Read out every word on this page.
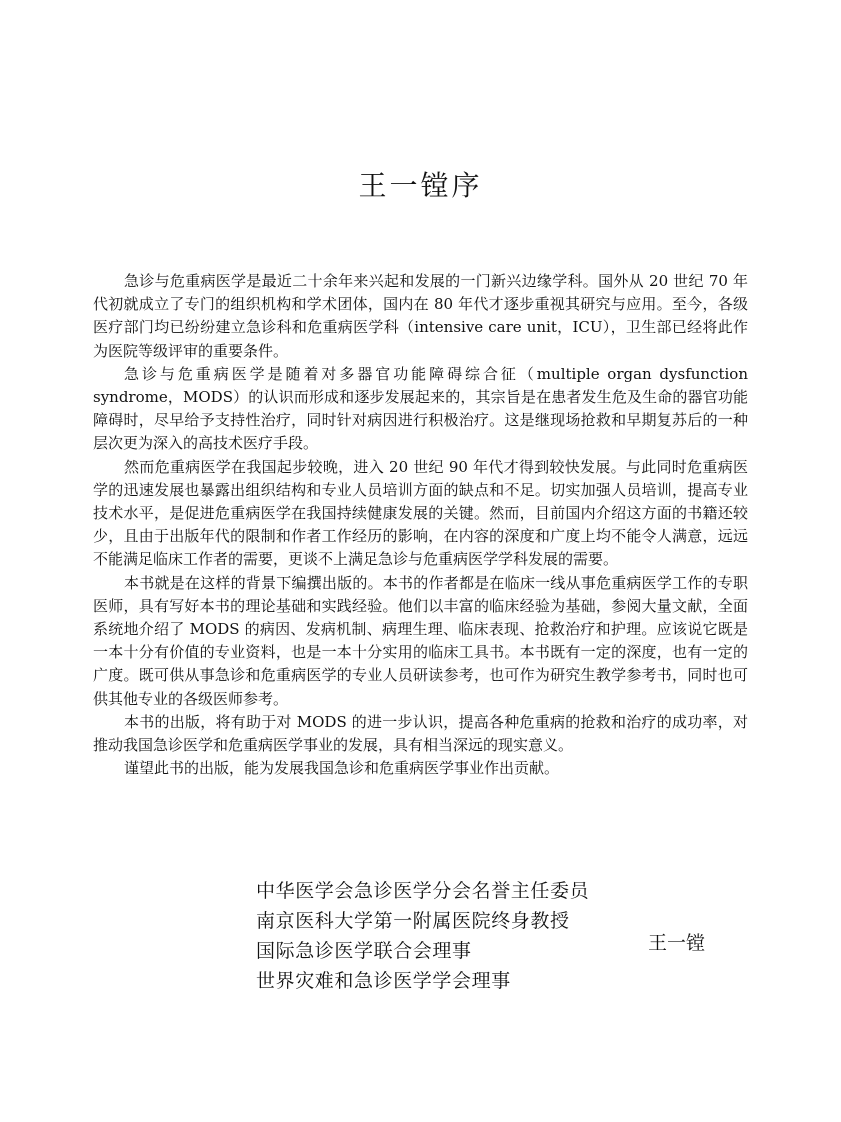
王一镗序

急诊与危重病医学是最近二十余年来兴起和发展的一门新兴边缘学科。国外从 20 世纪 70 年代初就成立了专门的组织机构和学术团体，国内在 80 年代才逐步重视其研究与应用。至今，各级医疗部门均已纷纷建立急诊科和危重病医学科（intensive care unit，ICU），卫生部已经将此作为医院等级评审的重要条件。

急诊与危重病医学是随着对多器官功能障碍综合征（multiple organ dysfunction syndrome，MODS）的认识而形成和逐步发展起来的，其宗旨是在患者发生危及生命的器官功能障碍时，尽早给予支持性治疗，同时针对病因进行积极治疗。这是继现场抢救和早期复苏后的一种层次更为深入的高技术医疗手段。

然而危重病医学在我国起步较晚，进入 20 世纪 90 年代才得到较快发展。与此同时危重病医学的迅速发展也暴露出组织结构和专业人员培训方面的缺点和不足。切实加强人员培训，提高专业技术水平，是促进危重病医学在我国持续健康发展的关键。然而，目前国内介绍这方面的书籍还较少，且由于出版年代的限制和作者工作经历的影响，在内容的深度和广度上均不能令人满意，远远不能满足临床工作者的需要，更谈不上满足急诊与危重病医学学科发展的需要。

本书就是在这样的背景下编撰出版的。本书的作者都是在临床一线从事危重病医学工作的专职医师，具有写好本书的理论基础和实践经验。他们以丰富的临床经验为基础，参阅大量文献，全面系统地介绍了 MODS 的病因、发病机制、病理生理、临床表现、抢救治疗和护理。应该说它既是一本十分有价值的专业资料，也是一本十分实用的临床工具书。本书既有一定的深度，也有一定的广度。既可供从事急诊和危重病医学的专业人员研读参考，也可作为研究生教学参考书，同时也可供其他专业的各级医师参考。

本书的出版，将有助于对 MODS 的进一步认识，提高各种危重病的抢救和治疗的成功率，对推动我国急诊医学和危重病医学事业的发展，具有相当深远的现实意义。

谨望此书的出版，能为发展我国急诊和危重病医学事业作出贡献。

中华医学会急诊医学分会名誉主任委员
南京医科大学第一附属医院终身教授
国际急诊医学联合会理事
世界灾难和急诊医学学会理事
王一镗
